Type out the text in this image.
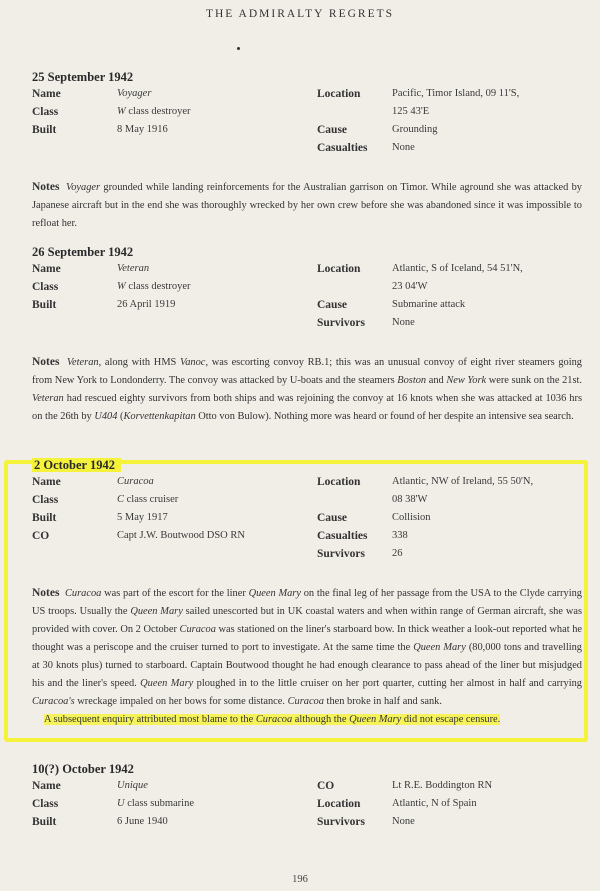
THE ADMIRALTY REGRETS
25 September 1942
Name	Voyager	Location	Pacific, Timor Island, 09 11'S,
Class	W class destroyer	125 43'E
Built	8 May 1916	Cause	Grounding
Casualties None
Notes Voyager grounded while landing reinforcements for the Australian garrison on Timor. While aground she was attacked by Japanese aircraft but in the end she was thoroughly wrecked by her own crew before she was abandoned since it was impossible to refloat her.
26 September 1942
Name	Veteran	Location	Atlantic, S of Iceland, 54 51'N,
Class	W class destroyer	23 04'W
Built	26 April 1919	Cause	Submarine attack
Survivors	None
Notes Veteran, along with HMS Vanoc, was escorting convoy RB.1; this was an unusual convoy of eight river steamers going from New York to Londonderry. The convoy was attacked by U-boats and the steamers Boston and New York were sunk on the 21st. Veteran had rescued eighty survivors from both ships and was rejoining the convoy at 16 knots when she was attacked at 1036 hrs on the 26th by U404 (Korvettenkapitan Otto von Bulow). Nothing more was heard or found of her despite an intensive sea search.
2 October 1942
Name	Curacoa	Location	Atlantic, NW of Ireland, 55 50'N,
Class	C class cruiser	08 38'W
Built	5 May 1917	Cause	Collision
CO	Capt J.W. Boutwood DSO RN	Casualties 338
Survivors	26
Notes Curacoa was part of the escort for the liner Queen Mary on the final leg of her passage from the USA to the Clyde carrying US troops. Usually the Queen Mary sailed unescorted but in UK coastal waters and when within range of German aircraft, she was provided with cover. On 2 October Curacoa was stationed on the liner's starboard bow. In thick weather a look-out reported what he thought was a periscope and the cruiser turned to port to investigate. At the same time the Queen Mary (80,000 tons and travelling at 30 knots plus) turned to starboard. Captain Boutwood thought he had enough clearance to pass ahead of the liner but misjudged his and the liner's speed. Queen Mary ploughed in to the little cruiser on her port quarter, cutting her almost in half and carrying Curacoa's wreckage impaled on her bows for some distance. Curacoa then broke in half and sank.
A subsequent enquiry attributed most blame to the Curacoa although the Queen Mary did not escape censure.
10(?) October 1942
Name	Unique	CO	Lt R.E. Boddington RN
Class	U class submarine	Location	Atlantic, N of Spain
Built	6 June 1940	Survivors	None
196
